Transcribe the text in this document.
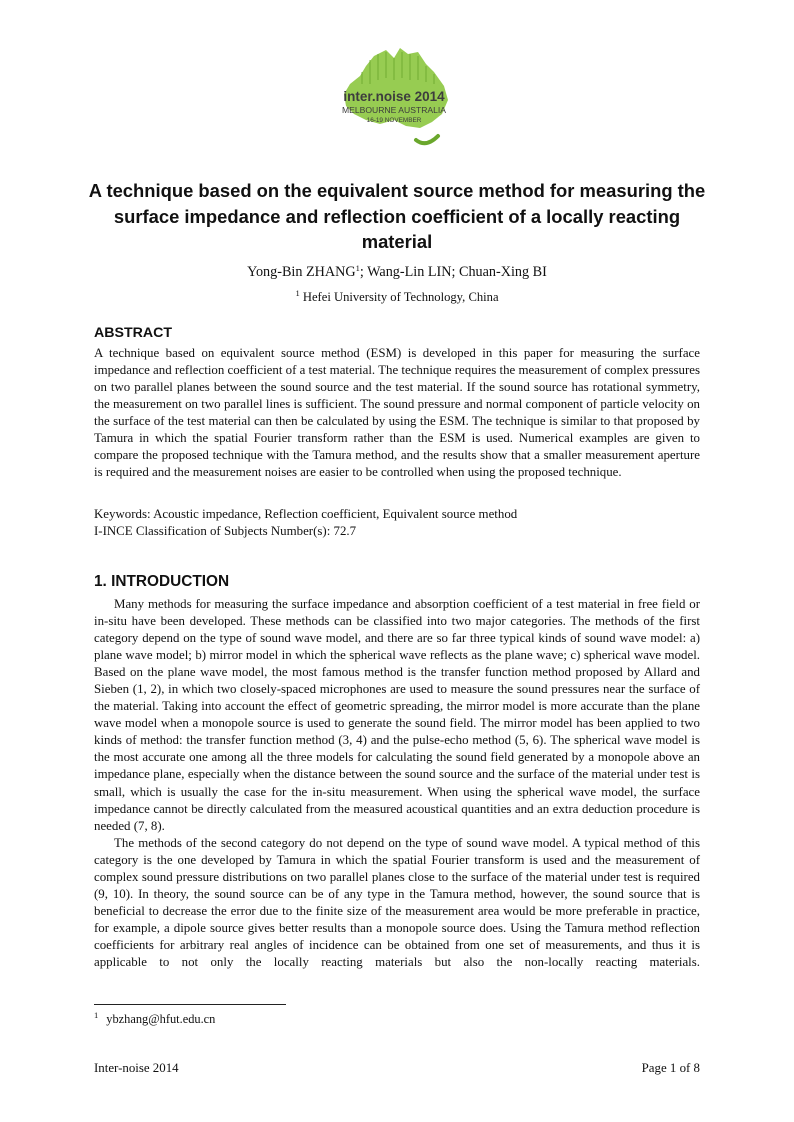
inter.noise 2014
MELBOURNE AUSTRALIA
16-19 NOVEMBER
A technique based on the equivalent source method for measuring the surface impedance and reflection coefficient of a locally reacting material
Yong-Bin ZHANG$^1$; Wang-Lin LIN; Chuan-Xing BI
$^1$ Hefei University of Technology, China
ABSTRACT

A technique based on equivalent source method (ESM) is developed in this paper for measuring the surface impedance and reflection coefficient of a test material. The technique requires the measurement of complex pressures on two parallel planes between the sound source and the test material. If the sound source has rotational symmetry, the measurement on two parallel lines is sufficient. The sound pressure and normal component of particle velocity on the surface of the test material can then be calculated by using the ESM. The technique is similar to that proposed by Tamura in which the spatial Fourier transform rather than the ESM is used. Numerical examples are given to compare the proposed technique with the Tamura method, and the results show that a smaller measurement aperture is required and the measurement noises are easier to be controlled when using the proposed technique.

Keywords: Acoustic impedance, Reflection coefficient, Equivalent source method

I-INCE Classification of Subjects Number(s): 72.7

1. INTRODUCTION

Many methods for measuring the surface impedance and absorption coefficient of a test material in free field or in-situ have been developed. These methods can be classified into two major categories. The methods of the first category depend on the type of sound wave model, and there are so far three typical kinds of sound wave model: a) plane wave model; b) mirror model in which the spherical wave reflects as the plane wave; c) spherical wave model. Based on the plane wave model, the most famous method is the transfer function method proposed by Allard and Sieben (1, 2), in which two closely-spaced microphones are used to measure the sound pressures near the surface of the material. Taking into account the effect of geometric spreading, the mirror model is more accurate than the plane wave model when a monopole source is used to generate the sound field. The mirror model has been applied to two kinds of method: the transfer function method (3, 4) and the pulse-echo method (5, 6). The spherical wave model is the most accurate one among all the three models for calculating the sound field generated by a monopole above an impedance plane, especially when the distance between the sound source and the surface of the material under test is small, which is usually the case for the in-situ measurement. When using the spherical wave model, the surface impedance cannot be directly calculated from the measured acoustical quantities and an extra deduction procedure is needed (7, 8).

The methods of the second category do not depend on the type of sound wave model. A typical method of this category is the one developed by Tamura in which the spatial Fourier transform is used and the measurement of complex sound pressure distributions on two parallel planes close to the surface of the material under test is required (9, 10). In theory, the sound source can be of any type in the Tamura method, however, the sound source that is beneficial to decrease the error due to the finite size of the measurement area would be more preferable in practice, for example, a dipole source gives better results than a monopole source does. Using the Tamura method reflection coefficients for arbitrary real angles of incidence can be obtained from one set of measurements, and thus it is applicable to not only the locally reacting materials but also the non-locally reacting materials.

$^1$ ybzhang@hfut.edu.cn
Inter-noise 2014	Page 1 of 8
